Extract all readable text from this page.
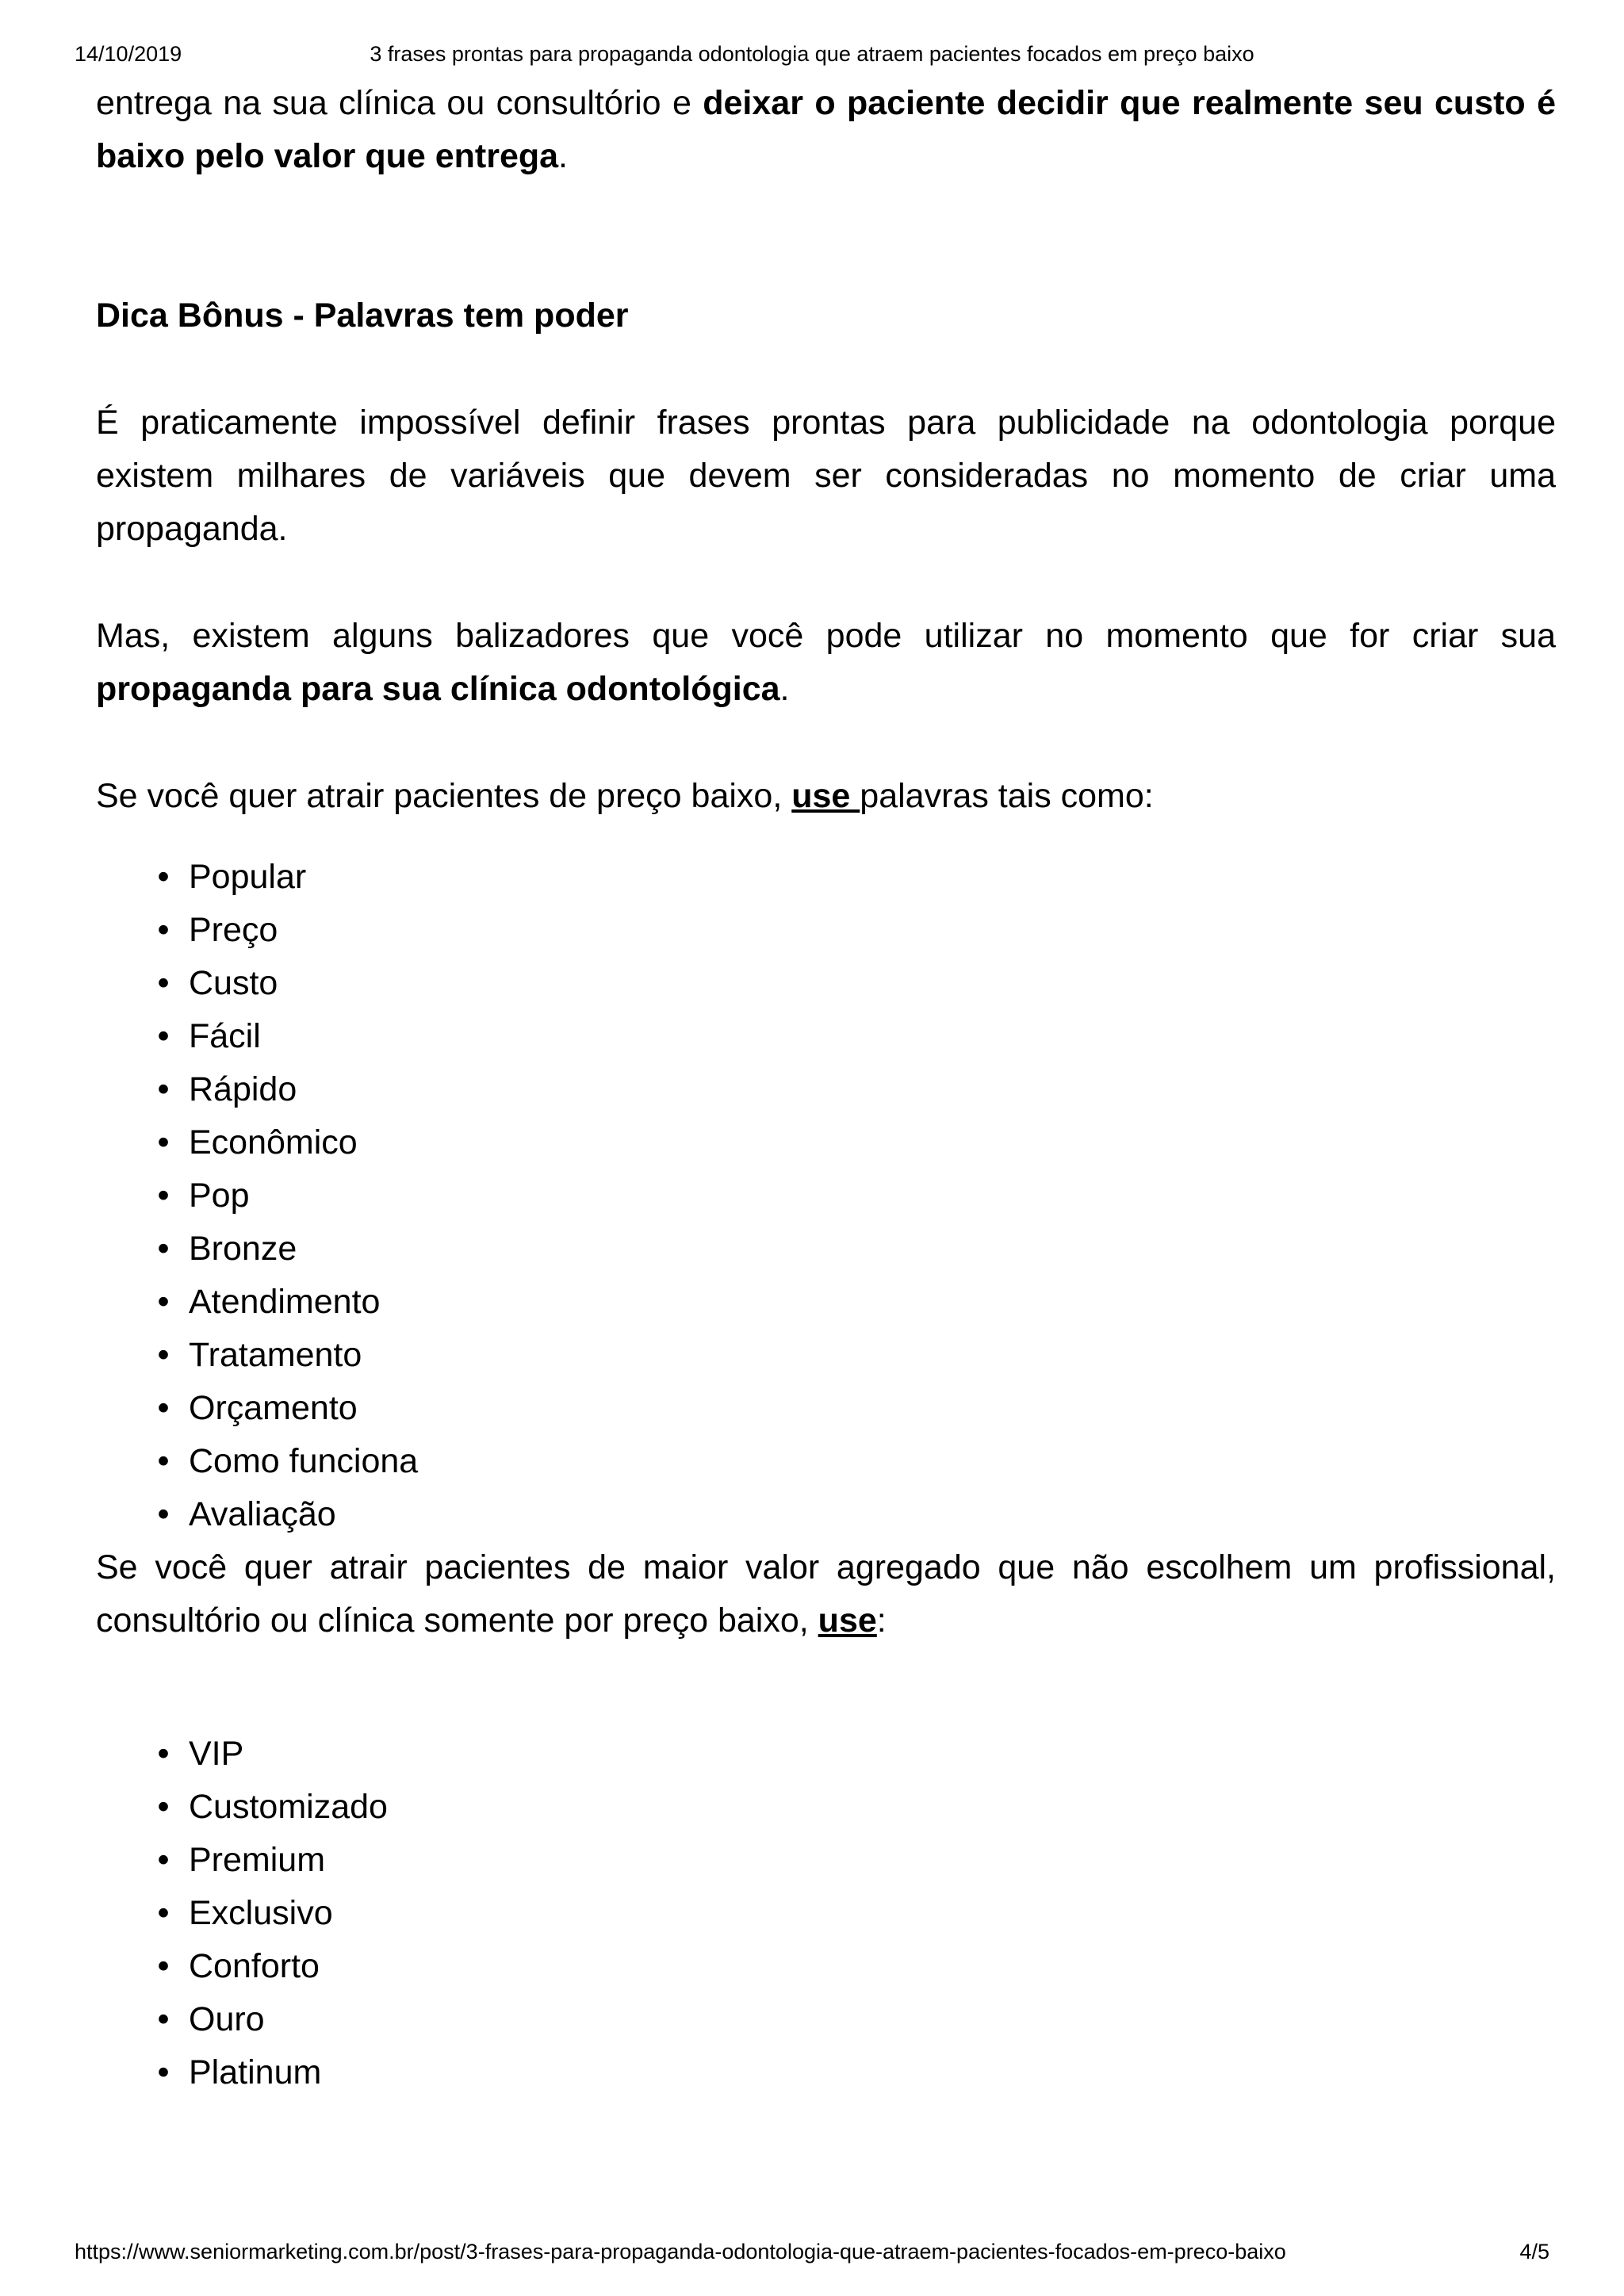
14/10/2019	3 frases prontas para propaganda odontologia que atraem pacientes focados em preço baixo

entrega na sua clínica ou consultório e deixar o paciente decidir que realmente seu custo é baixo pelo valor que entrega.

Dica Bônus - Palavras tem poder

É praticamente impossível definir frases prontas para publicidade na odontologia porque existem milhares de variáveis que devem ser consideradas no momento de criar uma propaganda.

Mas, existem alguns balizadores que você pode utilizar no momento que for criar sua propaganda para sua clínica odontológica.

Se você quer atrair pacientes de preço baixo, use palavras tais como:

• Popular
• Preço
• Custo
• Fácil
• Rápido
• Econômico
• Pop
• Bronze
• Atendimento
• Tratamento
• Orçamento
• Como funciona
• Avaliação

Se você quer atrair pacientes de maior valor agregado que não escolhem um profissional, consultório ou clínica somente por preço baixo, use:

• VIP
• Customizado
• Premium
• Exclusivo
• Conforto
• Ouro
• Platinum
https://www.seniormarketing.com.br/post/3-frases-para-propaganda-odontologia-que-atraem-pacientes-focados-em-preco-baixo	4/5
